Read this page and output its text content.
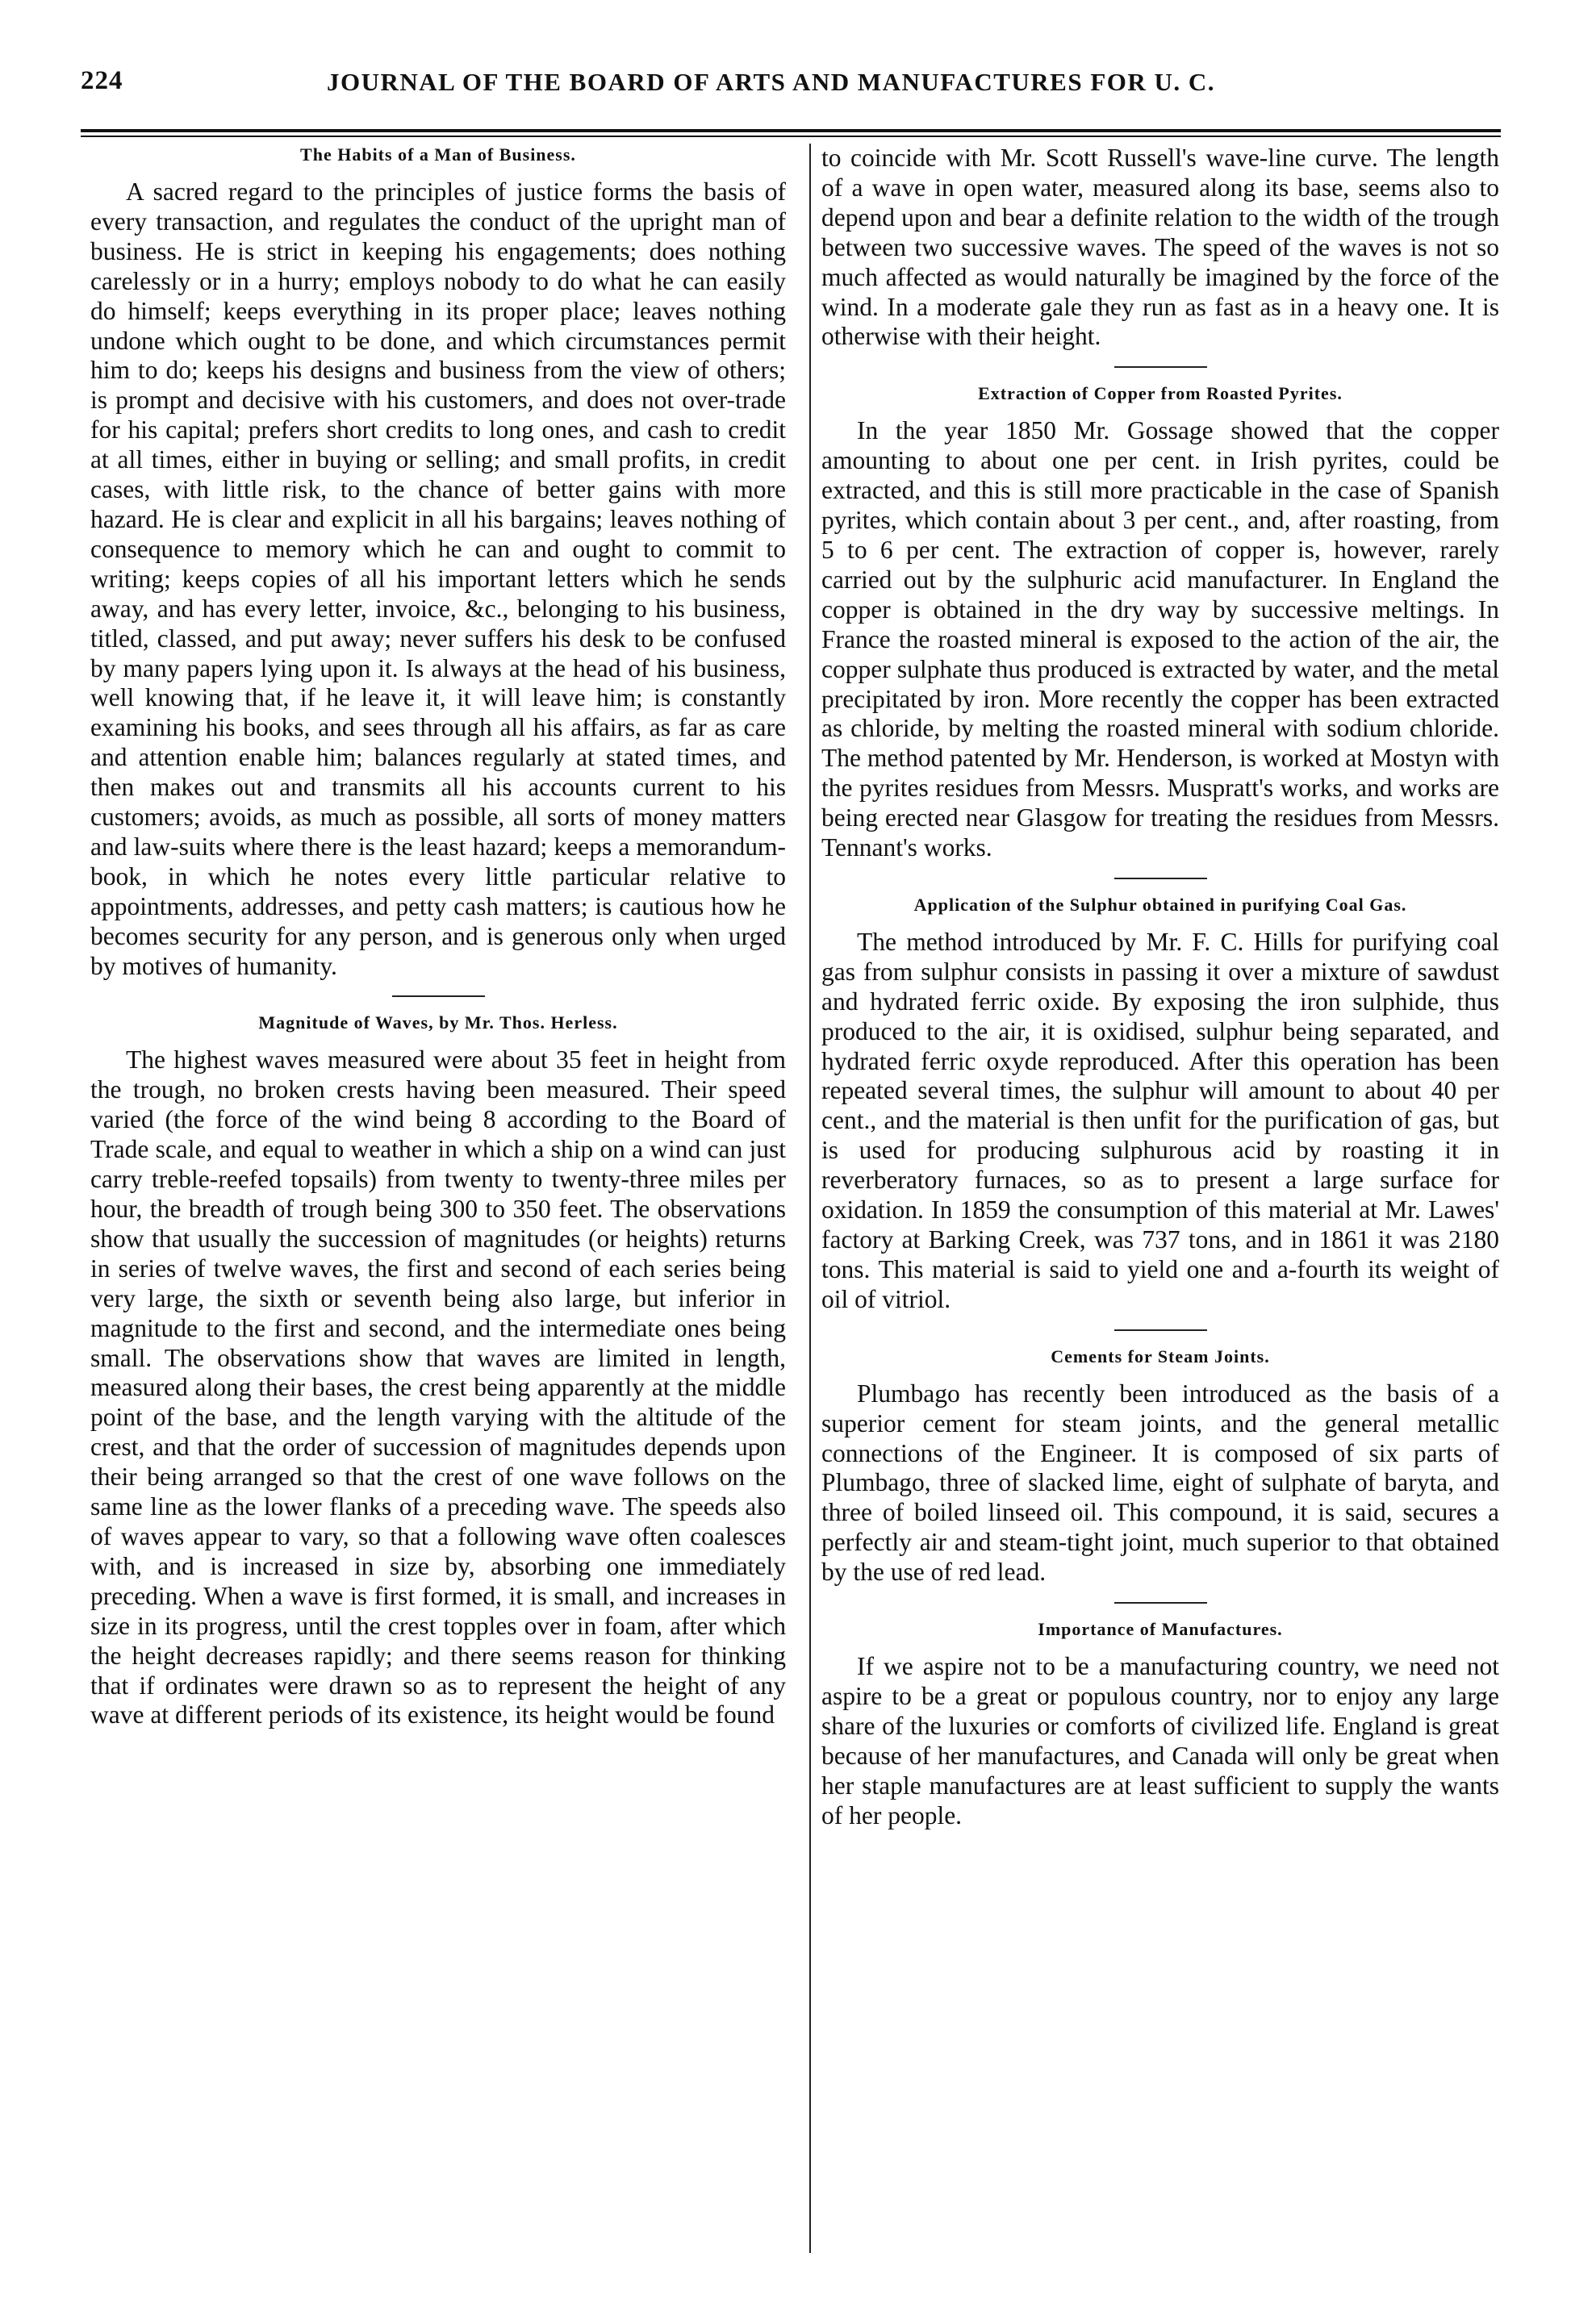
224	JOURNAL OF THE BOARD OF ARTS AND MANUFACTURES FOR U. C.
The Habits of a Man of Business.

A sacred regard to the principles of justice forms the basis of every transaction, and regulates the conduct of the upright man of business. He is strict in keeping his engagements; does nothing carelessly or in a hurry; employs nobody to do what he can easily do himself; keeps everything in its proper place; leaves nothing undone which ought to be done, and which circumstances permit him to do; keeps his designs and business from the view of others; is prompt and decisive with his customers, and does not over-trade for his capital; prefers short credits to long ones, and cash to credit at all times, either in buying or selling; and small profits, in credit cases, with little risk, to the chance of better gains with more hazard. He is clear and explicit in all his bargains; leaves nothing of consequence to memory which he can and ought to commit to writing; keeps copies of all his important letters which he sends away, and has every letter, invoice, &c., belonging to his business, titled, classed, and put away; never suffers his desk to be confused by many papers lying upon it. Is always at the head of his business, well knowing that, if he leave it, it will leave him; is constantly examining his books, and sees through all his affairs, as far as care and attention enable him; balances regularly at stated times, and then makes out and transmits all his accounts current to his customers; avoids, as much as possible, all sorts of money matters and law-suits where there is the least hazard; keeps a memorandum-book, in which he notes every little particular relative to appointments, addresses, and petty cash matters; is cautious how he becomes security for any person, and is generous only when urged by motives of humanity.

Magnitude of Waves, by Mr. Thos. Herless.

The highest waves measured were about 35 feet in height from the trough, no broken crests having been measured. Their speed varied (the force of the wind being 8 according to the Board of Trade scale, and equal to weather in which a ship on a wind can just carry treble-reefed topsails) from twenty to twenty-three miles per hour, the breadth of trough being 300 to 350 feet. The observations show that usually the succession of magnitudes (or heights) returns in series of twelve waves, the first and second of each series being very large, the sixth or seventh being also large, but inferior in magnitude to the first and second, and the intermediate ones being small. The observations show that waves are limited in length, measured along their bases, the crest being apparently at the middle point of the base, and the length varying with the altitude of the crest, and that the order of succession of magnitudes depends upon their being arranged so that the crest of one wave follows on the same line as the lower flanks of a preceding wave. The speeds also of waves appear to vary, so that a following wave often coalesces with, and is increased in size by, absorbing one immediately preceding. When a wave is first formed, it is small, and increases in size in its progress, until the crest topples over in foam, after which the height decreases rapidly; and there seems reason for thinking that if ordinates were drawn so as to represent the height of any wave at different periods of its existence, its height would be found

to coincide with Mr. Scott Russell's wave-line curve. The length of a wave in open water, measured along its base, seems also to depend upon and bear a definite relation to the width of the trough between two successive waves. The speed of the waves is not so much affected as would naturally be imagined by the force of the wind. In a moderate gale they run as fast as in a heavy one. It is otherwise with their height.

Extraction of Copper from Roasted Pyrites.

In the year 1850 Mr. Gossage showed that the copper amounting to about one per cent. in Irish pyrites, could be extracted, and this is still more practicable in the case of Spanish pyrites, which contain about 3 per cent., and, after roasting, from 5 to 6 per cent. The extraction of copper is, however, rarely carried out by the sulphuric acid manufacturer. In England the copper is obtained in the dry way by successive meltings. In France the roasted mineral is exposed to the action of the air, the copper sulphate thus produced is extracted by water, and the metal precipitated by iron. More recently the copper has been extracted as chloride, by melting the roasted mineral with sodium chloride. The method patented by Mr. Henderson, is worked at Mostyn with the pyrites residues from Messrs. Muspratt's works, and works are being erected near Glasgow for treating the residues from Messrs. Tennant's works.

Application of the Sulphur obtained in purifying Coal Gas.

The method introduced by Mr. F. C. Hills for purifying coal gas from sulphur consists in passing it over a mixture of sawdust and hydrated ferric oxide. By exposing the iron sulphide, thus produced to the air, it is oxidised, sulphur being separated, and hydrated ferric oxyde reproduced. After this operation has been repeated several times, the sulphur will amount to about 40 per cent., and the material is then unfit for the purification of gas, but is used for producing sulphurous acid by roasting it in reverberatory furnaces, so as to present a large surface for oxidation. In 1859 the consumption of this material at Mr. Lawes' factory at Barking Creek, was 737 tons, and in 1861 it was 2180 tons. This material is said to yield one and a-fourth its weight of oil of vitriol.

Cements for Steam Joints.

Plumbago has recently been introduced as the basis of a superior cement for steam joints, and the general metallic connections of the Engineer. It is composed of six parts of Plumbago, three of slacked lime, eight of sulphate of baryta, and three of boiled linseed oil. This compound, it is said, secures a perfectly air and steam-tight joint, much superior to that obtained by the use of red lead.

Importance of Manufactures.

If we aspire not to be a manufacturing country, we need not aspire to be a great or populous country, nor to enjoy any large share of the luxuries or comforts of civilized life. England is great because of her manufactures, and Canada will only be great when her staple manufactures are at least sufficient to supply the wants of her people.
